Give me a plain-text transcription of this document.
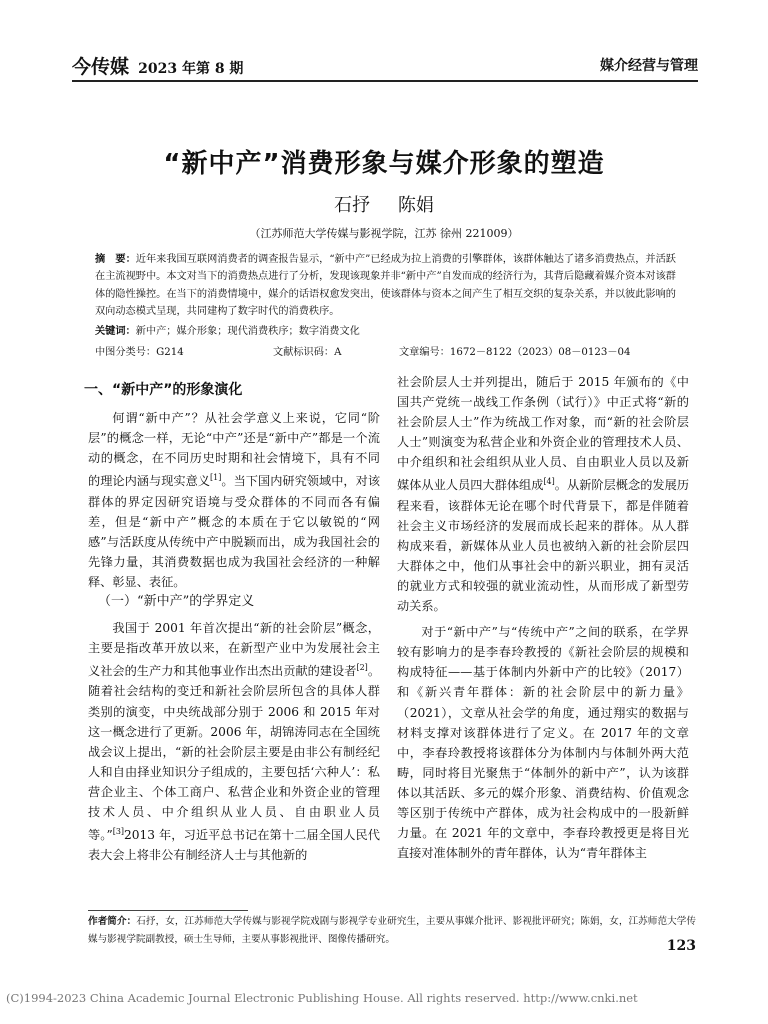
今传媒 2023 年第 8 期	媒介经营与管理
“新中产”消费形象与媒介形象的塑造
石抒 陈娟
（江苏师范大学传媒与影视学院，江苏 徐州 221009）
摘　要：近年来我国互联网消费者的调查报告显示，“新中产”已经成为拉上消费的引擎群体，该群体触达了诸多消费热点，并活跃在主流视野中。本文对当下的消费热点进行了分析，发现该现象并非“新中产”自发而成的经济行为，其背后隐藏着媒介资本对该群体的隐性操控。在当下的消费情境中，媒介的话语权愈发突出，使该群体与资本之间产生了相互交织的复杂关系，并以彼此影响的双向动态模式呈现，共同建构了数字时代的消费秩序。
关键词：新中产；媒介形象；现代消费秩序；数字消费文化
中图分类号：G214	文献标识码：A	文章编号：1672－8122（2023）08－0123－04
一、“新中产”的形象演化

何谓“新中产”？从社会学意义上来说，它同“阶层”的概念一样，无论“中产”还是“新中产”都是一个流动的概念，在不同历史时期和社会情境下，具有不同的理论内涵与现实意义[1]。当下国内研究领域中，对该群体的界定因研究语境与受众群体的不同而各有偏差，但是“新中产”概念的本质在于它以敏锐的“网感”与活跃度从传统中产中脱颖而出，成为我国社会的先锋力量，其消费数据也成为我国社会经济的一种解释、彰显、表征。

（一）“新中产”的学界定义

我国于 2001 年首次提出“新的社会阶层”概念，主要是指改革开放以来，在新型产业中为发展社会主义社会的生产力和其他事业作出杰出贡献的建设者[2]。随着社会结构的变迁和新社会阶层所包含的具体人群类别的演变，中央统战部分别于 2006 和 2015 年对这一概念进行了更新。2006 年，胡锦涛同志在全国统战会议上提出，“新的社会阶层主要是由非公有制经纪人和自由择业知识分子组成的，主要包括‘六种人’：私营企业主、个体工商户、私营企业和外资企业的管理技术人员、中介组织从业人员、自由职业人员等。”[3]2013 年，习近平总书记在第十二届全国人民代表大会上将非公有制经济人士与其他新的

社会阶层人士并列提出，随后于 2015 年颁布的《中国共产党统一战线工作条例（试行）》中正式将“新的社会阶层人士”作为统战工作对象，而“新的社会阶层人士”则演变为私营企业和外资企业的管理技术人员、中介组织和社会组织从业人员、自由职业人员以及新媒体从业人员四大群体组成[4]。从新阶层概念的发展历程来看，该群体无论在哪个时代背景下，都是伴随着社会主义市场经济的发展而成长起来的群体。从人群构成来看，新媒体从业人员也被纳入新的社会阶层四大群体之中，他们从事社会中的新兴职业，拥有灵活的就业方式和较强的就业流动性，从而形成了新型劳动关系。

对于“新中产”与“传统中产”之间的联系，在学界较有影响力的是李春玲教授的《新社会阶层的规模和构成特征——基于体制内外新中产的比较》（2017）和《新兴青年群体：新的社会阶层中的新力量》（2021），文章从社会学的角度，通过翔实的数据与材料支撑对该群体进行了定义。在 2017 年的文章中，李春玲教授将该群体分为体制内与体制外两大范畴，同时将目光聚焦于“体制外的新中产”，认为该群体以其活跃、多元的媒介形象、消费结构、价值观念等区别于传统中产群体，成为社会构成中的一股新鲜力量。在 2021 年的文章中，李春玲教授更是将目光直接对准体制外的青年群体，认为“青年群体主

作者简介：石抒，女，江苏师范大学传媒与影视学院戏剧与影视学专业研究生，主要从事媒介批评、影视批评研究；陈娟，女，江苏师范大学传媒与影视学院副教授，硕士生导师，主要从事影视批评、图像传播研究。	123
(C)1994-2023 China Academic Journal Electronic Publishing House. All rights reserved. http://www.cnki.net
